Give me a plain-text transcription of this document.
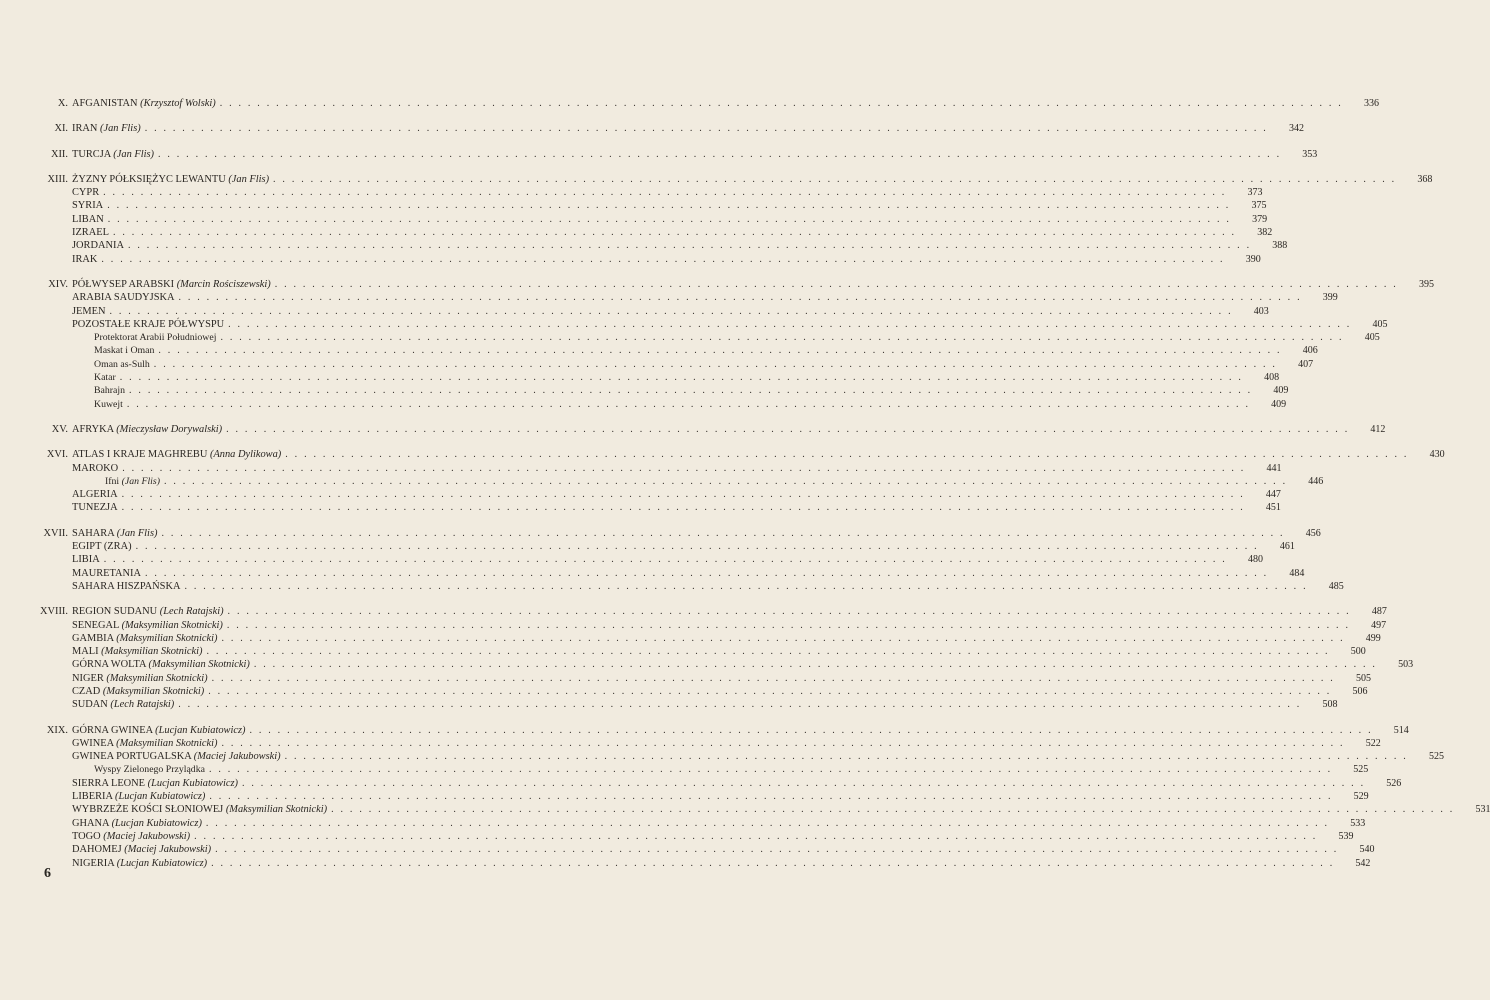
X. AFGANISTAN (Krzysztof Wolski) . . . . . . . . . . . . . . . . . . . . . . . . . . . . . . . . . . . . . . . . . . . . . . . . . . . . . . . . . . . . . . . . . . . . . . . . . . . . . . . . . . . . . . . . . . . . . . . . . . . . . . . . . . . . . . . . . . . . . . . .	336
XI. IRAN (Jan Flis) . . . . . . . . . . . . . . . . . . . . . . . . . . . . . . . . . . . . . . . . . . . . . . . . . . . . . . . . . . . . . . . . . . . . . . . . . . . . . . . . . . . . . . . . . . . . . . . . . . . . . . . . . . . . . . . . . . . . . . . .	342
XII. TURCJA (Jan Flis) . . . . . . . . . . . . . . . . . . . . . . . . . . . . . . . . . . . . . . . . . . . . . . . . . . . . . . . . . . . . . . . . . . . . . . . . . . . . . . . . . . . . . . . . . . . . . . . . . . . . . . . . . . . . . . . . . . . . . . . .	353
XIII. ŻYZNY PÓŁKSIĘŻYC LEWANTU (Jan Flis) . . . . . . . . . . . . . . . . . . . . . . . . . . . . . . . . . . . . . . . . . . . . . . . . . . . . . . . . . . . . . . . . . . . . . . . . . . . . . . . . . . . . . . . . . . . . . . . . . . . . . . . . . . . . . . . . . . . . . . . .	368
CYPR . . . . . . . . . . . . . . . . . . . . . . . . . . . . . . . . . . . . . . . . . . . . . . . . . . . . . . . . . . . . . . . . . . . . . . . . . . . . . . . . . . . . . . . . . . . . . . . . . . . . . . . . . . . . . . . . . . . . . . . .	373
SYRIA . . . . . . . . . . . . . . . . . . . . . . . . . . . . . . . . . . . . . . . . . . . . . . . . . . . . . . . . . . . . . . . . . . . . . . . . . . . . . . . . . . . . . . . . . . . . . . . . . . . . . . . . . . . . . . . . . . . . . . . .	375
LIBAN . . . . . . . . . . . . . . . . . . . . . . . . . . . . . . . . . . . . . . . . . . . . . . . . . . . . . . . . . . . . . . . . . . . . . . . . . . . . . . . . . . . . . . . . . . . . . . . . . . . . . . . . . . . . . . . . . . . . . . . .	379
IZRAEL . . . . . . . . . . . . . . . . . . . . . . . . . . . . . . . . . . . . . . . . . . . . . . . . . . . . . . . . . . . . . . . . . . . . . . . . . . . . . . . . . . . . . . . . . . . . . . . . . . . . . . . . . . . . . . . . . . . . . . . .	382
JORDANIA . . . . . . . . . . . . . . . . . . . . . . . . . . . . . . . . . . . . . . . . . . . . . . . . . . . . . . . . . . . . . . . . . . . . . . . . . . . . . . . . . . . . . . . . . . . . . . . . . . . . . . . . . . . . . . . . . . . . . . . .	388
IRAK . . . . . . . . . . . . . . . . . . . . . . . . . . . . . . . . . . . . . . . . . . . . . . . . . . . . . . . . . . . . . . . . . . . . . . . . . . . . . . . . . . . . . . . . . . . . . . . . . . . . . . . . . . . . . . . . . . . . . . . .	390
XIV. PÓŁWYSEP ARABSKI (Marcin Rościszewski) . . . . . . . . . . . . . . . . . . . . . . . . . . . . . . . . . . . . . . . . . . . . . . . . . . . . . . . . . . . . . . . . . . . . . . . . . . . . . . . . . . . . . . . . . . . . . . . . . . . . . . . . . . . . . . . . . . . . . . . .	395
ARABIA SAUDYJSKA . . . . . . . . . . . . . . . . . . . . . . . . . . . . . . . . . . . . . . . . . . . . . . . . . . . . . . . . . . . . . . . . . . . . . . . . . . . . . . . . . . . . . . . . . . . . . . . . . . . . . . . . . . . . . . . . . . . . . . . .	399
JEMEN . . . . . . . . . . . . . . . . . . . . . . . . . . . . . . . . . . . . . . . . . . . . . . . . . . . . . . . . . . . . . . . . . . . . . . . . . . . . . . . . . . . . . . . . . . . . . . . . . . . . . . . . . . . . . . . . . . . . . . . .	403
POZOSTAŁE KRAJE PÓŁWYSPU . . . . . . . . . . . . . . . . . . . . . . . . . . . . . . . . . . . . . . . . . . . . . . . . . . . . . . . . . . . . . . . . . . . . . . . . . . . . . . . . . . . . . . . . . . . . . . . . . . . . . . . . . . . . . . . . . . . . . . . .	405
Protektorat Arabii Południowej . . . . . . . . . . . . . . . . . . . . . . . . . . . . . . . . . . . . . . . . . . . . . . . . . . . . . . . . . . . . . . . . . . . . . . . . . . . . . . . . . . . . . . . . . . . . . . . . . . . . . . . . . . . . . . . . . . . . . . . .	405
Maskat i Oman . . . . . . . . . . . . . . . . . . . . . . . . . . . . . . . . . . . . . . . . . . . . . . . . . . . . . . . . . . . . . . . . . . . . . . . . . . . . . . . . . . . . . . . . . . . . . . . . . . . . . . . . . . . . . . . . . . . . . . . .	406
Oman as-Sulh . . . . . . . . . . . . . . . . . . . . . . . . . . . . . . . . . . . . . . . . . . . . . . . . . . . . . . . . . . . . . . . . . . . . . . . . . . . . . . . . . . . . . . . . . . . . . . . . . . . . . . . . . . . . . . . . . . . . . . . .	407
Katar . . . . . . . . . . . . . . . . . . . . . . . . . . . . . . . . . . . . . . . . . . . . . . . . . . . . . . . . . . . . . . . . . . . . . . . . . . . . . . . . . . . . . . . . . . . . . . . . . . . . . . . . . . . . . . . . . . . . . . . .	408
Bahrajn . . . . . . . . . . . . . . . . . . . . . . . . . . . . . . . . . . . . . . . . . . . . . . . . . . . . . . . . . . . . . . . . . . . . . . . . . . . . . . . . . . . . . . . . . . . . . . . . . . . . . . . . . . . . . . . . . . . . . . . .	409
Kuwejt . . . . . . . . . . . . . . . . . . . . . . . . . . . . . . . . . . . . . . . . . . . . . . . . . . . . . . . . . . . . . . . . . . . . . . . . . . . . . . . . . . . . . . . . . . . . . . . . . . . . . . . . . . . . . . . . . . . . . . . .	409
XV. AFRYKA (Mieczysław Dorywalski) . . . . . . . . . . . . . . . . . . . . . . . . . . . . . . . . . . . . . . . . . . . . . . . . . . . . . . . . . . . . . . . . . . . . . . . . . . . . . . . . . . . . . . . . . . . . . . . . . . . . . . . . . . . . . . . . . . . . . . . .	412
XVI. ATLAS I KRAJE MAGHREBU (Anna Dylikowa) . . . . . . . . . . . . . . . . . . . . . . . . . . . . . . . . . . . . . . . . . . . . . . . . . . . . . . . . . . . . . . . . . . . . . . . . . . . . . . . . . . . . . . . . . . . . . . . . . . . . . . . . . . . . . . . . . . . . . . . .	430
MAROKO . . . . . . . . . . . . . . . . . . . . . . . . . . . . . . . . . . . . . . . . . . . . . . . . . . . . . . . . . . . . . . . . . . . . . . . . . . . . . . . . . . . . . . . . . . . . . . . . . . . . . . . . . . . . . . . . . . . . . . . .	441
Ifni (Jan Flis) . . . . . . . . . . . . . . . . . . . . . . . . . . . . . . . . . . . . . . . . . . . . . . . . . . . . . . . . . . . . . . . . . . . . . . . . . . . . . . . . . . . . . . . . . . . . . . . . . . . . . . . . . . . . . . . . . . . . . . . .	446
ALGERIA . . . . . . . . . . . . . . . . . . . . . . . . . . . . . . . . . . . . . . . . . . . . . . . . . . . . . . . . . . . . . . . . . . . . . . . . . . . . . . . . . . . . . . . . . . . . . . . . . . . . . . . . . . . . . . . . . . . . . . . .	447
TUNEZJA . . . . . . . . . . . . . . . . . . . . . . . . . . . . . . . . . . . . . . . . . . . . . . . . . . . . . . . . . . . . . . . . . . . . . . . . . . . . . . . . . . . . . . . . . . . . . . . . . . . . . . . . . . . . . . . . . . . . . . . .	451
XVII. SAHARA (Jan Flis) . . . . . . . . . . . . . . . . . . . . . . . . . . . . . . . . . . . . . . . . . . . . . . . . . . . . . . . . . . . . . . . . . . . . . . . . . . . . . . . . . . . . . . . . . . . . . . . . . . . . . . . . . . . . . . . . . . . . . . . .	456
EGIPT (ZRA) . . . . . . . . . . . . . . . . . . . . . . . . . . . . . . . . . . . . . . . . . . . . . . . . . . . . . . . . . . . . . . . . . . . . . . . . . . . . . . . . . . . . . . . . . . . . . . . . . . . . . . . . . . . . . . . . . . . . . . . .	461
LIBIA . . . . . . . . . . . . . . . . . . . . . . . . . . . . . . . . . . . . . . . . . . . . . . . . . . . . . . . . . . . . . . . . . . . . . . . . . . . . . . . . . . . . . . . . . . . . . . . . . . . . . . . . . . . . . . . . . . . . . . . .	480
MAURETANIA . . . . . . . . . . . . . . . . . . . . . . . . . . . . . . . . . . . . . . . . . . . . . . . . . . . . . . . . . . . . . . . . . . . . . . . . . . . . . . . . . . . . . . . . . . . . . . . . . . . . . . . . . . . . . . . . . . . . . . . .	484
SAHARA HISZPAŃSKA . . . . . . . . . . . . . . . . . . . . . . . . . . . . . . . . . . . . . . . . . . . . . . . . . . . . . . . . . . . . . . . . . . . . . . . . . . . . . . . . . . . . . . . . . . . . . . . . . . . . . . . . . . . . . . . . . . . . . . . .	485
XVIII. REGION SUDANU (Lech Ratajski) . . . . . . . . . . . . . . . . . . . . . . . . . . . . . . . . . . . . . . . . . . . . . . . . . . . . . . . . . . . . . . . . . . . . . . . . . . . . . . . . . . . . . . . . . . . . . . . . . . . . . . . . . . . . . . . . . . . . . . . .	487
SENEGAL (Maksymilian Skotnicki) . . . . . . . . . . . . . . . . . . . . . . . . . . . . . . . . . . . . . . . . . . . . . . . . . . . . . . . . . . . . . . . . . . . . . . . . . . . . . . . . . . . . . . . . . . . . . . . . . . . . . . . . . . . . . . . . . . . . . . . .	497
GAMBIA (Maksymilian Skotnicki) . . . . . . . . . . . . . . . . . . . . . . . . . . . . . . . . . . . . . . . . . . . . . . . . . . . . . . . . . . . . . . . . . . . . . . . . . . . . . . . . . . . . . . . . . . . . . . . . . . . . . . . . . . . . . . . . . . . . . . . .	499
MALI (Maksymilian Skotnicki) . . . . . . . . . . . . . . . . . . . . . . . . . . . . . . . . . . . . . . . . . . . . . . . . . . . . . . . . . . . . . . . . . . . . . . . . . . . . . . . . . . . . . . . . . . . . . . . . . . . . . . . . . . . . . . . . . . . . . . . .	500
GÓRNA WOLTA (Maksymilian Skotnicki) . . . . . . . . . . . . . . . . . . . . . . . . . . . . . . . . . . . . . . . . . . . . . . . . . . . . . . . . . . . . . . . . . . . . . . . . . . . . . . . . . . . . . . . . . . . . . . . . . . . . . . . . . . . . . . . . . . . . . . . .	503
NIGER (Maksymilian Skotnicki) . . . . . . . . . . . . . . . . . . . . . . . . . . . . . . . . . . . . . . . . . . . . . . . . . . . . . . . . . . . . . . . . . . . . . . . . . . . . . . . . . . . . . . . . . . . . . . . . . . . . . . . . . . . . . . . . . . . . . . . .	505
CZAD (Maksymilian Skotnicki) . . . . . . . . . . . . . . . . . . . . . . . . . . . . . . . . . . . . . . . . . . . . . . . . . . . . . . . . . . . . . . . . . . . . . . . . . . . . . . . . . . . . . . . . . . . . . . . . . . . . . . . . . . . . . . . . . . . . . . . .	506
SUDAN (Lech Ratajski) . . . . . . . . . . . . . . . . . . . . . . . . . . . . . . . . . . . . . . . . . . . . . . . . . . . . . . . . . . . . . . . . . . . . . . . . . . . . . . . . . . . . . . . . . . . . . . . . . . . . . . . . . . . . . . . . . . . . . . . .	508
XIX. GÓRNA GWINEA (Lucjan Kubiatowicz) . . . . . . . . . . . . . . . . . . . . . . . . . . . . . . . . . . . . . . . . . . . . . . . . . . . . . . . . . . . . . . . . . . . . . . . . . . . . . . . . . . . . . . . . . . . . . . . . . . . . . . . . . . . . . . . . . . . . . . . .	514
GWINEA (Maksymilian Skotnicki) . . . . . . . . . . . . . . . . . . . . . . . . . . . . . . . . . . . . . . . . . . . . . . . . . . . . . . . . . . . . . . . . . . . . . . . . . . . . . . . . . . . . . . . . . . . . . . . . . . . . . . . . . . . . . . . . . . . . . . . .	522
GWINEA PORTUGALSKA (Maciej Jakubowski) . . . . . . . . . . . . . . . . . . . . . . . . . . . . . . . . . . . . . . . . . . . . . . . . . . . . . . . . . . . . . . . . . . . . . . . . . . . . . . . . . . . . . . . . . . . . . . . . . . . . . . . . . . . . . . . . . . . . . . . .	525
Wyspy Zielonego Przylądka . . . . . . . . . . . . . . . . . . . . . . . . . . . . . . . . . . . . . . . . . . . . . . . . . . . . . . . . . . . . . . . . . . . . . . . . . . . . . . . . . . . . . . . . . . . . . . . . . . . . . . . . . . . . . . . . . . . . . . . .	525
SIERRA LEONE (Lucjan Kubiatowicz) . . . . . . . . . . . . . . . . . . . . . . . . . . . . . . . . . . . . . . . . . . . . . . . . . . . . . . . . . . . . . . . . . . . . . . . . . . . . . . . . . . . . . . . . . . . . . . . . . . . . . . . . . . . . . . . . . . . . . . . .	526
LIBERIA (Lucjan Kubiatowicz) . . . . . . . . . . . . . . . . . . . . . . . . . . . . . . . . . . . . . . . . . . . . . . . . . . . . . . . . . . . . . . . . . . . . . . . . . . . . . . . . . . . . . . . . . . . . . . . . . . . . . . . . . . . . . . . . . . . . . . . .	529
WYBRZEŻE KOŚCI SŁONIOWEJ (Maksymilian Skotnicki) . . . . . . . . . . . . . . . . . . . . . . . . . . . . . . . . . . . . . . . . . . . . . . . . . . . . . . . . . . . . . . . . . . . . . . . . . . . . . . . . . . . . . . . . . . . . . . . . . . . . . . . . . . . . . . . . . . . . . . . .	531
GHANA (Lucjan Kubiatowicz) . . . . . . . . . . . . . . . . . . . . . . . . . . . . . . . . . . . . . . . . . . . . . . . . . . . . . . . . . . . . . . . . . . . . . . . . . . . . . . . . . . . . . . . . . . . . . . . . . . . . . . . . . . . . . . . . . . . . . . . .	533
TOGO (Maciej Jakubowski) . . . . . . . . . . . . . . . . . . . . . . . . . . . . . . . . . . . . . . . . . . . . . . . . . . . . . . . . . . . . . . . . . . . . . . . . . . . . . . . . . . . . . . . . . . . . . . . . . . . . . . . . . . . . . . . . . . . . . . . .	539
DAHOMEJ (Maciej Jakubowski) . . . . . . . . . . . . . . . . . . . . . . . . . . . . . . . . . . . . . . . . . . . . . . . . . . . . . . . . . . . . . . . . . . . . . . . . . . . . . . . . . . . . . . . . . . . . . . . . . . . . . . . . . . . . . . . . . . . . . . . .	540
NIGERIA (Lucjan Kubiatowicz) . . . . . . . . . . . . . . . . . . . . . . . . . . . . . . . . . . . . . . . . . . . . . . . . . . . . . . . . . . . . . . . . . . . . . . . . . . . . . . . . . . . . . . . . . . . . . . . . . . . . . . . . . . . . . . . . . . . . . . . .	542
6
